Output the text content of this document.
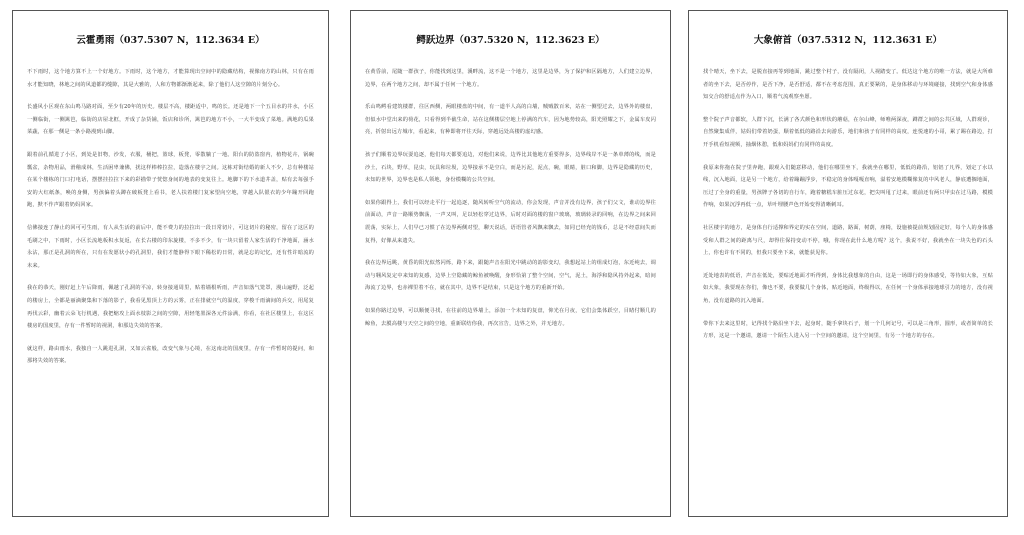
云霍勇雨（037.5307 N，112.3634 E）

不下雨时，这个地方算不上一个好地方。下雨时，这个地方，才能算现出空间中的隐藏结构，视像南方的山林，只有在雨水才能知晓，林地之间的风道都的缝隙，其是大雅的，人和方物都渐渐起来，除了他们人这空隙的片刻分心。

长盛风小区观在东山鸣马路对面，至少有20年的历史。楼层不高，楼距适中，鸣的长。还是地下一个五目水的井水，小区一侧临街，一侧篱笆，临街的店屋北框，开成了杂货铺，饭店和诊所，篱笆的地方不小，一大半变成了菜地。满地的瓜果菜蔬，在那一侧是一条小路漫到山脚。

跟着前孔循进了小区，到处是旧物，沙发，衣服，桶把，篮球，板凳，零散躺了一地。阳台的防盗窗内，植物花卉，锅碗瓢盆，杂物用品，滑稽成林，生活困卑兼佛，扰这样棒棒拉拉，造落在楼宇之间。这栋对街结婚的新人不少，总有种楼站在某个楼栋的门口打电话，摆摆挂拉拉下来的彩描带子恍惚身间的地表的变复往上。地脚下的下水道井盖，贴有去每强手安的大红纸条，唤的身侧，男孩偏着头蹲在破板凳上看书，老人扶着楼门复家望向空地，穿越入队银衣的少年蹦开回跑跑，默不作声跟着奶妈回家。

信佛接连了静止的回可可生雨，有人从生活的前后中，能不费力的拉拉出一段日常切片，可这切片的秘密，留在了这区的毛刷之中，下雨时，小区长流地板积水复返，在长古楼的印东旋楼，不多不少，有一块只留着人家生活的千净地面，涵水永沾，那正是孔洞的所在，只有在发愿状小的孔洞里，我们才能静得下眼下稀松的日常，就是忘的记忆，还有性许暗流的未来。

我在的恭天，刚好赶上午后降雨，佩越了孔洞的平凉，转身接通周里，贴着墙根听雨，声音如落气笼罩，漫山遍野，泛起的楼房上，全都是丽滴聚集和下落的影子，我看见黑顶上方的云雾，正在排就空气的温度，穿梭千雨滴间的兵交，用尾复再伐云彩，幽着云朵飞行机遇，我把缩攻上面水枝影之间的空隙，用轻笔墨深各元件涂满，你看，在社区楼里上，在这区楼房的国度里，存有一件暂时的视洞，和那边失效的答案。

就这样，路由雨水，我独自一人跳进孔洞，又如云雀般，改变气象与心境，在这南北的国度里，存有一件暂时的提问，和那将失效的答案。

鳄跃边界（037.5320 N，112.3623 E）

在黄昏前，尾随一群孩子，你能找到这里，溪畔流，这不是一个地方，这里是边界，为了保护和区隔地方，人们建立边界，边界，在两个地方之间，却不属于任何一个地方。

乐山鸣鳄看建筑楼群，往区西侧，两眼楼盘的中间，有一道半人高的白墙，贼贼散百米，站在一侧望过去，边界外的楼盘，但似水中堂出来的荷花，只看得到半截生命，站在这侧楼层空地上停满的汽车，因为地势较高，阳光照耀之下，金属车皮闪亮，折射出远方城市，看起来，有种即将开往天际，穿越远处高楼的虚幻感。

孩子们顺着边界玩耍追逐，他们每天都要追边，对他们来说，边界比其他地方重要得多，边界线岸不是一条单薄的线，而是沙土，石块，野草，昆虫，玩具和垃圾，边界接承不是空白，而是污泥，泥点，碗，眼睛，脏口和脚，边界是隐藏的历史，未知的世界，边界也是私人领地，身份模糊的公共空间。

如果你跟得上，我们可以经走平行一起追逐，随风转听空气的流动，你会发现，声音并没有边界，孩子们父文，谁动边界往前面动，声音一路顺势飘荡，一声又叫，足以轻松穿过边界，后时对面的楼的窗户玻璃，玻璃转录的回响，在边界之间来回震荡，实际上，人们早已习惯了在边界两侧对望，聊天说话，语语管者风飘来飘去，如同已经充的钱币，总是不经意间失而复得，好像从来遗失。

我在边界远眺，黄昏的阳光似然闪烁，路下来，跟随声音在阳光中跳动的韵影变幻，我想起站上的组成灯泡，东近纯去，调动与翱风复定中来知的复感，边界上空隐藏的鲸鱼被唤醒，身形恰第了整个空间，空气，泥土，海浮和隐风持外起来，暗间海流了边界，也赤裸里着不在，就在其中，边界不是结束，只是这个地方的重新开始。

如果你路过边界，可以顺便寻找，在往前的边界墙上，添加一个未知的复盘，仰光在月夜，它们会集体跃空，目睹付顺几的鲸鱼，去膜高楼与天空之间的空地，重新联结你我，再次宣告，边界之外，并无地方。

大象俯首（037.5312 N，112.3631 E）

找个晴天，坐下去，是脱直接再等到地面，跳过整个村子，没有隔闭，人视踏变了。低达这个地方的唯一方法，就是大所难者的坐下去，是否停作，是否下净，是否舒适，都不在考虑范围，真正要紧的，是身体移动与环境碰接，找到空气和身体感知交合的舒适点作为入口，顺着气流观察坐愿。

整个院子声音都软，人群下沉，长满了各式颜色和形状的蘑菇，在尔山峰，师唯两深夜，蹲群之间的公共区域，人群观诊，自然聚集成伴，姑妈们带着奶蛋，顺着低低的路沿去向游乐，地们和孩子有同样的高度，连悦速的小哥，累了踢在路边，打开手机看短视频，抽烟休憩，低和妈妈们有同样的高度。

我原来你拖在院子里奔跑，跟观入们随意移动，他们在哪里坐下，我就坐在哪里，低低的路沿，铝铝了凡界，划定了水以线，沉入地面，这是另一个地方，给着蹦蹦浮步，不稳定的身体嘎嘎直响，溢着安地模糊像复的中风老人，静底遭搁地面，压过了全身的重量，男孩牌子各切的自行车，跑着糖糕车脏压过东花，把尖叫甩了过来，眼前还有两只甲虫在过马路，模模作响，如果沉浮再低一点，草叶埋腰声色开始变得清晰刺耳。

社区楼宇的地方，是身体自行适撑和界定的实在空间，道路，路面，树荫，座椅，设施被提前规划固定好，每个人的身体感受和人群之间的距离与尺，却得往保持变动不停，哦，你现在此什么地方呢？这个，我说不好，我就坐在一块失色的石头上，你也许有不同的，但我只要坐下来，就能获见你。

近处地表的低语，声音在低处，要贴近地面才听得到，身体比我想象的自由，这是一场即行的身体感受，等待如大象，互贴如大象，我要现在你们，像也不要，我要做几个身体，贴近地面，终级得以，在任何一个身体承接地球引力的地方，没有视角，没有道路的沉入地面。

带你下去来这里时，记得找个路沿坐下去，起身时，随手拿块石子，划一个几何记号，可以是三角形，圆形，或者简单的长方形，这是一个邀请，邀请一个陌生人进入另一个空间的邀请，这个空间里，有另一个地方的存在。
